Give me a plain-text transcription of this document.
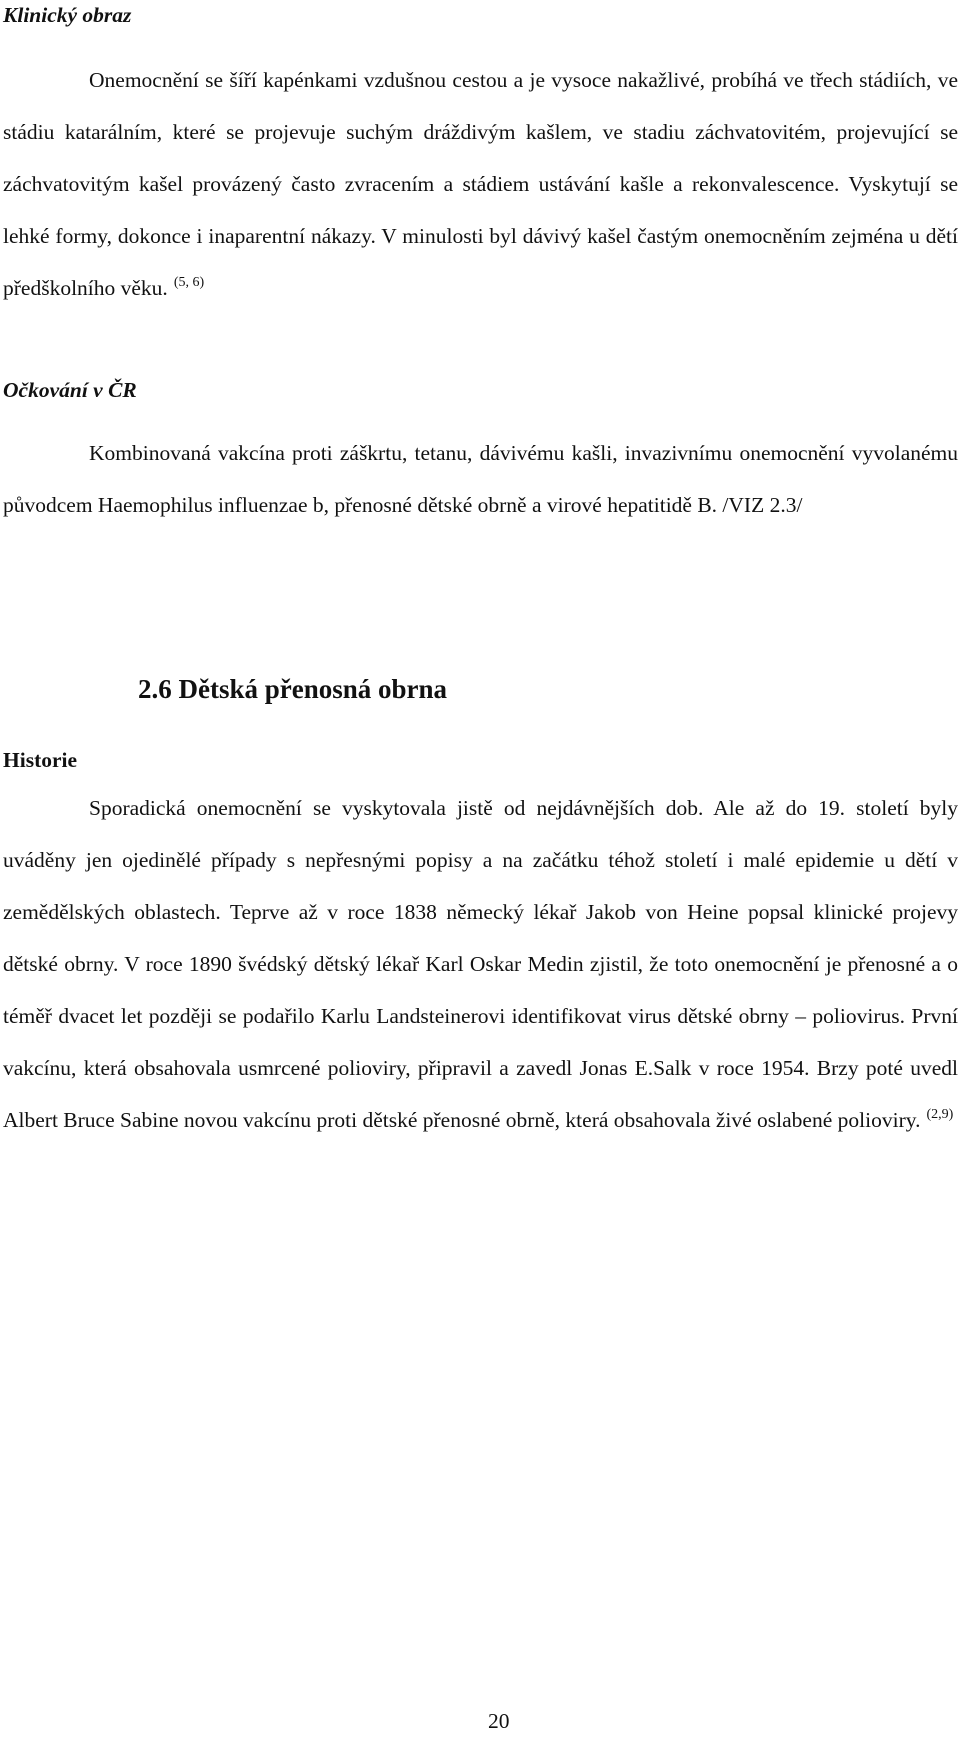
Klinický obraz

Onemocnění se šíří kapénkami vzdušnou cestou a je vysoce nakažlivé, probíhá ve třech stádiích, ve stádiu katarálním, které se projevuje suchým dráždivým kašlem, ve stadiu záchvatovitém, projevující se záchvatovitým kašel provázený často zvracením a stádiem ustávání kašle a rekonvalescence. Vyskytují se lehké formy, dokonce i inaparentní nákazy. V minulosti byl dávivý kašel častým onemocněním zejména u dětí předškolního věku. $^{(5, 6)}$

Očkování v ČR

Kombinovaná vakcína proti záškrtu, tetanu, dávivému kašli, invazivnímu onemocnění vyvolanému původcem Haemophilus influenzae b, přenosné dětské obrně a virové hepatitidě B. /VIZ 2.3/

2.6 Dětská přenosná obrna
Historie

Sporadická onemocnění se vyskytovala jistě od nejdávnějších dob. Ale až do 19. století byly uváděny jen ojedinělé případy s nepřesnými popisy a na začátku téhož století i malé epidemie u dětí v zemědělských oblastech. Teprve až v roce 1838 německý lékař Jakob von Heine popsal klinické projevy dětské obrny. V roce 1890 švédský dětský lékař Karl Oskar Medin zjistil, že toto onemocnění je přenosné a o téměř dvacet let později se podařilo Karlu Landsteinerovi identifikovat virus dětské obrny – poliovirus. První vakcínu, která obsahovala usmrcené polioviry, připravil a zavedl Jonas E.Salk v roce 1954. Brzy poté uvedl Albert Bruce Sabine novou vakcínu proti dětské přenosné obrně, která obsahovala živé oslabené polioviry. $^{(2,9)}$

20
